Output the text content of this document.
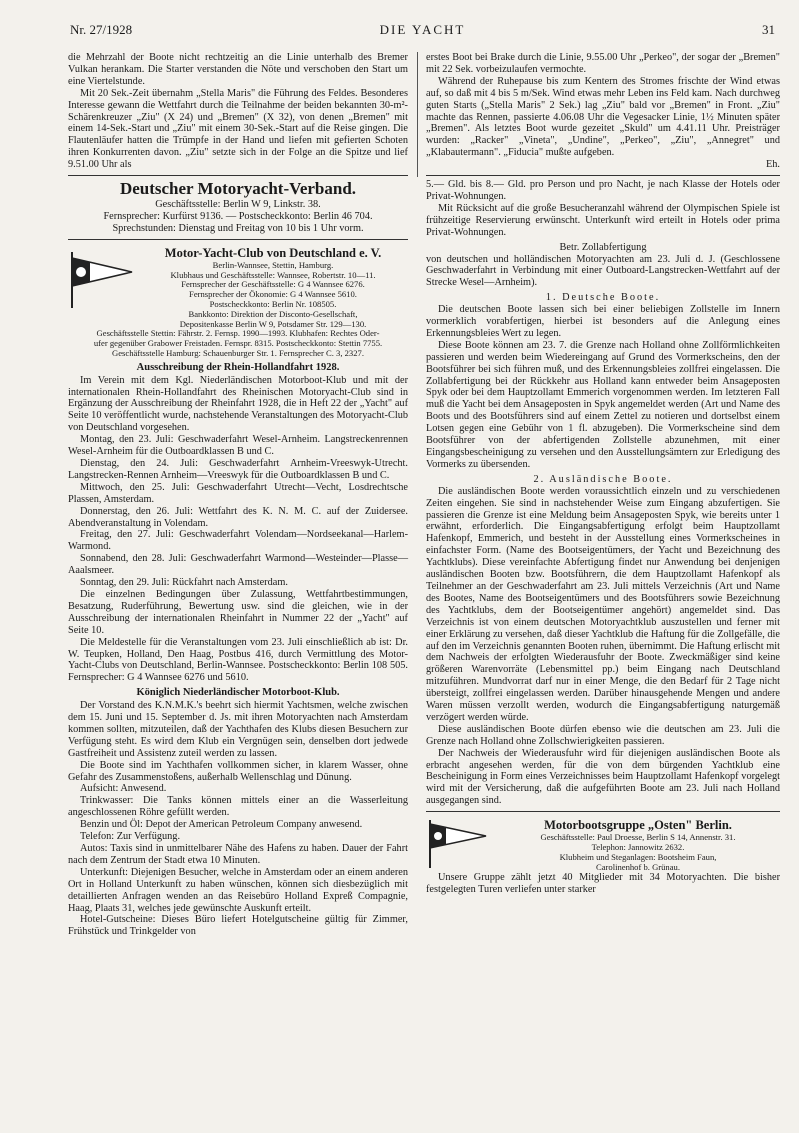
Nr. 27/1928	DIE YACHT	31

die Mehrzahl der Boote nicht rechtzeitig an die Linie unterhalb des Bremer Vulkan herankam. Die Starter verstanden die Nöte und verschoben den Start um eine Viertelstunde.

Mit 20 Sek.-Zeit übernahm „Stella Maris" die Führung des Feldes. Besonderes Interesse gewann die Wettfahrt durch die Teilnahme der beiden bekannten 30-m²-Schärenkreuzer „Ziu" (X 24) und „Bremen" (X 32), von denen „Bremen" mit einem 14-Sek.-Start und „Ziu" mit einem 30-Sek.-Start auf die Reise gingen. Die Flautenläufer hatten die Trümpfe in der Hand und liefen mit gefierten Schoten ihren Konkurrenten davon. „Ziu" setzte sich in der Folge an die Spitze und lief 9.51.00 Uhr als

Deutscher Motoryacht-Verband.
Geschäftsstelle: Berlin W 9, Linkstr. 38.
Fernsprecher: Kurfürst 9136. — Postscheckkonto: Berlin 46 704.
Sprechstunden: Dienstag und Freitag von 10 bis 1 Uhr vorm.
Motor-Yacht-Club von Deutschland e. V.
Berlin-Wannsee, Stettin, Hamburg.
Klubhaus und Geschäftsstelle: Wannsee, Robertstr. 10—11.
Fernsprecher der Geschäftsstelle: G 4 Wannsee 6276.
Fernsprecher der Ökonomie: G 4 Wannsee 5610.
Postscheckkonto: Berlin Nr. 108505.
Bankkonto: Direktion der Disconto-Gesellschaft,
Depositenkasse Berlin W 9, Potsdamer Str. 129—130.
Geschäftsstelle Stettin: Fährstr. 2. Fernsp. 1990—1993. Klubhafen: Rechtes Oder-
ufer gegenüber Grabower Freistaden. Fernspr. 8315. Postscheckkonto: Stettin 7755.
Geschäftsstelle Hamburg: Schauenburger Str. 1. Fernsprecher C. 3, 2327.
Ausschreibung der Rhein-Hollandfahrt 1928.

Im Verein mit dem Kgl. Niederländischen Motorboot-Klub und mit der internationalen Rhein-Hollandfahrt des Rheinischen Motoryacht-Club sind in Ergänzung der Ausschreibung der Rheinfahrt 1928, die in Heft 22 der „Yacht" auf Seite 10 veröffentlicht wurde, nachstehende Veranstaltungen des Motoryacht-Club von Deutschland vorgesehen.

Montag, den 23. Juli: Geschwaderfahrt Wesel-Arnheim. Langstreckenrennen Wesel-Arnheim für die Outboardklassen B und C.

Dienstag, den 24. Juli: Geschwaderfahrt Arnheim-Vreeswyk-Utrecht. Langstrecken-Rennen Arnheim—Vreeswyk für die Outboardklassen B und C.

Mittwoch, den 25. Juli: Geschwaderfahrt Utrecht—Vecht, Losdrechtsche Plassen, Amsterdam.

Donnerstag, den 26. Juli: Wettfahrt des K. N. M. C. auf der Zuidersee. Abendveranstaltung in Volendam.

Freitag, den 27. Juli: Geschwaderfahrt Volendam—Nordseekanal—Harlem-Warmond.

Sonnabend, den 28. Juli: Geschwaderfahrt Warmond—Westeinder—Plasse—Aaalsmeer.

Sonntag, den 29. Juli: Rückfahrt nach Amsterdam.

Die einzelnen Bedingungen über Zulassung, Wettfahrtbestimmungen, Besatzung, Ruderführung, Bewertung usw. sind die gleichen, wie in der Ausschreibung der internationalen Rheinfahrt in Nummer 22 der „Yacht" auf Seite 10.

Die Meldestelle für die Veranstaltungen vom 23. Juli einschließlich ab ist: Dr. W. Teupken, Holland, Den Haag, Postbus 416, durch Vermittlung des Motor-Yacht-Clubs von Deutschland, Berlin-Wannsee. Postscheckkonto: Berlin 108 505. Fernsprecher: G 4 Wannsee 6276 und 5610.

Königlich Niederländischer Motorboot-Klub.

Der Vorstand des K.N.M.K.'s beehrt sich hiermit Yachtsmen, welche zwischen dem 15. Juni und 15. September d. Js. mit ihren Motoryachten nach Amsterdam kommen sollten, mitzuteilen, daß der Yachthafen des Klubs diesen Besuchern zur Verfügung steht. Es wird dem Klub ein Vergnügen sein, denselben dort jedwede Gastfreiheit und Assistenz zuteil werden zu lassen.

Die Boote sind im Yachthafen vollkommen sicher, in klarem Wasser, ohne Gefahr des Zusammenstoßens, außerhalb Wellenschlag und Dünung.

Aufsicht: Anwesend.

Trinkwasser: Die Tanks können mittels einer an die Wasserleitung angeschlossenen Röhre gefüllt werden.

Benzin und Öl: Depot der American Petroleum Company anwesend.

Telefon: Zur Verfügung.

Autos: Taxis sind in unmittelbarer Nähe des Hafens zu haben. Dauer der Fahrt nach dem Zentrum der Stadt etwa 10 Minuten.

Unterkunft: Diejenigen Besucher, welche in Amsterdam oder an einem anderen Ort in Holland Unterkunft zu haben wünschen, können sich diesbezüglich mit detaillierten Anfragen wenden an das Reisebüro Holland Expreß Compagnie, Haag, Plaats 31, welches jede gewünschte Auskunft erteilt.

Hotel-Gutscheine: Dieses Büro liefert Hotelgutscheine gültig für Zimmer, Frühstück und Trinkgelder von

erstes Boot bei Brake durch die Linie, 9.55.00 Uhr „Perkeo", der sogar der „Bremen" mit 22 Sek. vorbeizulaufen vermochte.

Während der Ruhepause bis zum Kentern des Stromes frischte der Wind etwas auf, so daß mit 4 bis 5 m/Sek. Wind etwas mehr Leben ins Feld kam. Nach durchweg guten Starts („Stella Maris" 2 Sek.) lag „Ziu" bald vor „Bremen" in Front. „Ziu" machte das Rennen, passierte 4.06.08 Uhr die Vegesacker Linie, 1½ Minuten später „Bremen". Als letztes Boot wurde gezeitet „Skuld" um 4.41.11 Uhr. Preisträger wurden: „Racker" „Vineta", „Undine", „Perkeo", „Ziu", „Annegret" und „Klabautermann". „Fiducia" mußte aufgeben.

Eh.

5.— Gld. bis 8.— Gld. pro Person und pro Nacht, je nach Klasse der Hotels oder Privat-Wohnungen.

Mit Rücksicht auf die große Besucheranzahl während der Olympischen Spiele ist frühzeitige Reservierung erwünscht. Unterkunft wird erteilt in Hotels oder prima Privat-Wohnungen.

Betr. Zollabfertigung

von deutschen und holländischen Motoryachten am 23. Juli d. J. (Geschlossene Geschwaderfahrt in Verbindung mit einer Outboard-Langstrecken-Wettfahrt auf der Strecke Wesel—Arnheim).

1. Deutsche Boote.

Die deutschen Boote lassen sich bei einer beliebigen Zollstelle im Innern vormerklich vorabfertigen, hierbei ist besonders auf die Anlegung eines Erkennungsbleies Wert zu legen.

Diese Boote können am 23. 7. die Grenze nach Holland ohne Zollförmlichkeiten passieren und werden beim Wiedereingang auf Grund des Vormerkscheins, den der Bootsführer bei sich führen muß, und des Erkennungsbleies zollfrei eingelassen. Die Zollabfertigung bei der Rückkehr aus Holland kann entweder beim Ansageposten Spyk oder bei dem Hauptzollamt Emmerich vorgenommen werden. Im letzteren Fall muß die Yacht bei dem Ansageposten in Spyk angemeldet werden (Art und Name des Boots und des Bootsführers sind auf einem Zettel zu notieren und dortselbst einem Lotsen gegen eine Gebühr von 1 fl. abzugeben). Die Vormerkscheine sind dem Bootsführer von der abfertigenden Zollstelle abzunehmen, mit einer Eingangsbescheinigung zu versehen und den Ausstellungsämtern zur Erledigung des Vormerks zu übersenden.

2. Ausländische Boote.

Die ausländischen Boote werden voraussichtlich einzeln und zu verschiedenen Zeiten eingehen. Sie sind in nachstehender Weise zum Eingang abzufertigen. Sie passieren die Grenze ist eine Meldung beim Ansageposten Spyk, wie bereits unter 1 erwähnt, erforderlich. Die Eingangsabfertigung erfolgt beim Hauptzollamt Hafenkopf, Emmerich, und besteht in der Ausstellung eines Vormerkscheines in einfachster Form. (Name des Bootseigentümers, der Yacht und Bezeichnung des Yachtklubs). Diese vereinfachte Abfertigung findet nur Anwendung bei denjenigen ausländischen Booten bzw. Bootsführern, die dem Hauptzollamt Hafenkopf als Teilnehmer an der Geschwaderfahrt am 23. Juli mittels Verzeichnis (Art und Name des Bootes, Name des Bootseigentümers und des Bootsführers sowie Bezeichnung des Yachtklubs, dem der Bootseigentümer angehört) angemeldet sind. Das Verzeichnis ist von einem deutschen Motoryachtklub auszustellen und ferner mit einer Erklärung zu versehen, daß dieser Yachtklub die Haftung für die Zollgefälle, die auf den im Verzeichnis genannten Booten ruhen, übernimmt. Die Haftung erlischt mit dem Nachweis der erfolgten Wiederausfuhr der Boote. Zweckmäßiger sind keine größeren Warenvorräte (Lebensmittel pp.) beim Eingang nach Deutschland mitzuführen. Mundvorrat darf nur in einer Menge, die den Bedarf für 2 Tage nicht übersteigt, zollfrei eingelassen werden. Darüber hinausgehende Mengen und andere Waren müssen verzollt werden, wodurch die Eingangsabfertigung naturgemäß verzögert werden würde.

Diese ausländischen Boote dürfen ebenso wie die deutschen am 23. Juli die Grenze nach Holland ohne Zollschwierigkeiten passieren.

Der Nachweis der Wiederausfuhr wird für diejenigen ausländischen Boote als erbracht angesehen werden, für die von dem bürgenden Yachtklub eine Bescheinigung in Form eines Verzeichnisses beim Hauptzollamt Hafenkopf vorgelegt wird mit der Versicherung, daß die aufgeführten Boote am 23. Juli nach Holland ausgegangen sind.

Motorbootsgruppe „Osten" Berlin.
Geschäftsstelle: Paul Droesse, Berlin S 14, Annenstr. 31.
Telephon: Jannowitz 2632.
Klubheim und Steganlagen: Bootsheim Faun,
Carolinenhof b. Grünau.

Unsere Gruppe zählt jetzt 40 Mitglieder mit 34 Motoryachten. Die bisher festgelegten Turen verliefen unter starker
